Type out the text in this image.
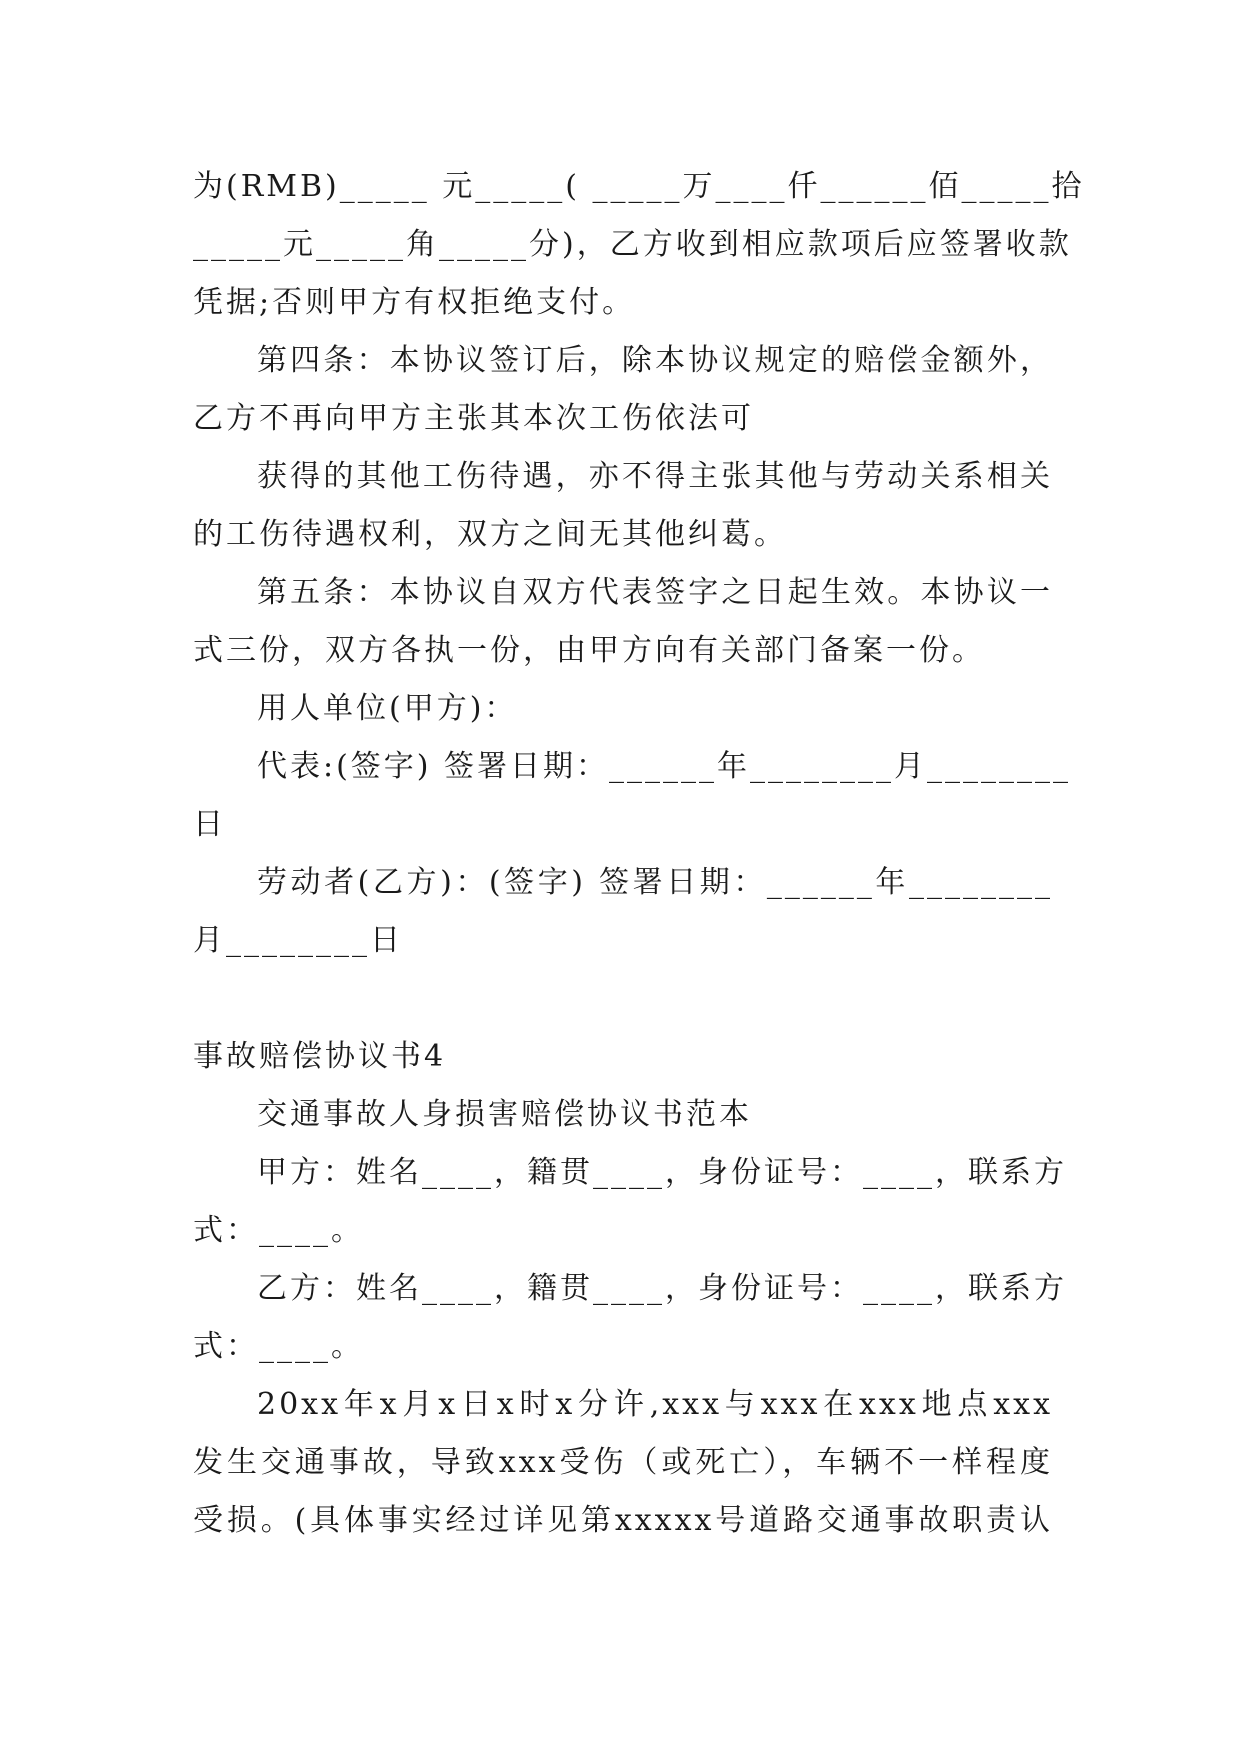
为(RMB)_____ 元_____( _____万____仟______佰_____拾
_____元_____角_____分)，乙方收到相应款项后应签署收款
凭据;否则甲方有权拒绝支付。
第四条：本协议签订后，除本协议规定的赔偿金额外，
乙方不再向甲方主张其本次工伤依法可
获得的其他工伤待遇，亦不得主张其他与劳动关系相关
的工伤待遇权利，双方之间无其他纠葛。
第五条：本协议自双方代表签字之日起生效。本协议一
式三份，双方各执一份，由甲方向有关部门备案一份。
用人单位(甲方)：
代表:(签字) 签署日期：______年________月________
日
劳动者(乙方)：(签字) 签署日期：______年________
月________日
事故赔偿协议书4
交通事故人身损害赔偿协议书范本
甲方：姓名____，籍贯____，身份证号：____，联系方
式：____。
乙方：姓名____，籍贯____，身份证号：____，联系方
式：____。
20xx年x月x日x时x分许,xxx与xxx在xxx地点xxx
发生交通事故，导致xxx受伤（或死亡），车辆不一样程度
受损。(具体事实经过详见第xxxxx号道路交通事故职责认
